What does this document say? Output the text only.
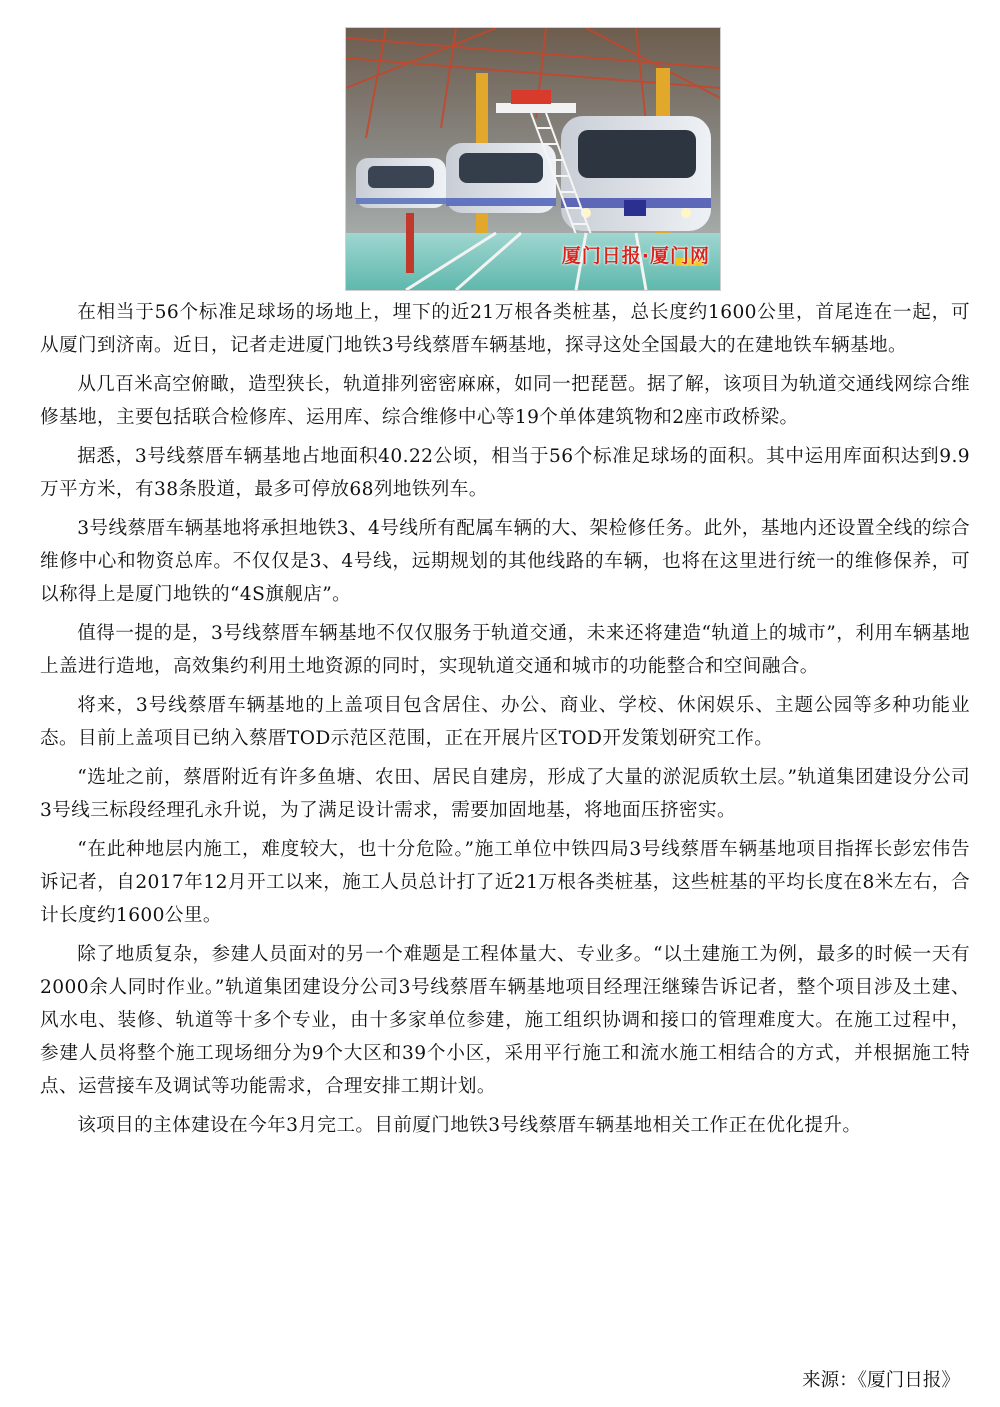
厦门日报·厦门网

在相当于56个标准足球场的场地上，埋下的近21万根各类桩基，总长度约1600公里，首尾连在一起，可从厦门到济南。近日，记者走进厦门地铁3号线蔡厝车辆基地，探寻这处全国最大的在建地铁车辆基地。

从几百米高空俯瞰，造型狭长，轨道排列密密麻麻，如同一把琵琶。据了解，该项目为轨道交通线网综合维修基地，主要包括联合检修库、运用库、综合维修中心等19个单体建筑物和2座市政桥梁。

据悉，3号线蔡厝车辆基地占地面积40.22公顷，相当于56个标准足球场的面积。其中运用库面积达到9.9万平方米，有38条股道，最多可停放68列地铁列车。

3号线蔡厝车辆基地将承担地铁3、4号线所有配属车辆的大、架检修任务。此外，基地内还设置全线的综合维修中心和物资总库。不仅仅是3、4号线，远期规划的其他线路的车辆，也将在这里进行统一的维修保养，可以称得上是厦门地铁的“4S旗舰店”。

值得一提的是，3号线蔡厝车辆基地不仅仅服务于轨道交通，未来还将建造“轨道上的城市”，利用车辆基地上盖进行造地，高效集约利用土地资源的同时，实现轨道交通和城市的功能整合和空间融合。

将来，3号线蔡厝车辆基地的上盖项目包含居住、办公、商业、学校、休闲娱乐、主题公园等多种功能业态。目前上盖项目已纳入蔡厝TOD示范区范围，正在开展片区TOD开发策划研究工作。

“选址之前，蔡厝附近有许多鱼塘、农田、居民自建房，形成了大量的淤泥质软土层。”轨道集团建设分公司3号线三标段经理孔永升说，为了满足设计需求，需要加固地基，将地面压挤密实。

“在此种地层内施工，难度较大，也十分危险。”施工单位中铁四局3号线蔡厝车辆基地项目指挥长彭宏伟告诉记者，自2017年12月开工以来，施工人员总计打了近21万根各类桩基，这些桩基的平均长度在8米左右，合计长度约1600公里。

除了地质复杂，参建人员面对的另一个难题是工程体量大、专业多。“以土建施工为例，最多的时候一天有2000余人同时作业。”轨道集团建设分公司3号线蔡厝车辆基地项目经理汪继臻告诉记者，整个项目涉及土建、风水电、装修、轨道等十多个专业，由十多家单位参建，施工组织协调和接口的管理难度大。在施工过程中，参建人员将整个施工现场细分为9个大区和39个小区，采用平行施工和流水施工相结合的方式，并根据施工特点、运营接车及调试等功能需求，合理安排工期计划。

该项目的主体建设在今年3月完工。目前厦门地铁3号线蔡厝车辆基地相关工作正在优化提升。

来源：《厦门日报》
